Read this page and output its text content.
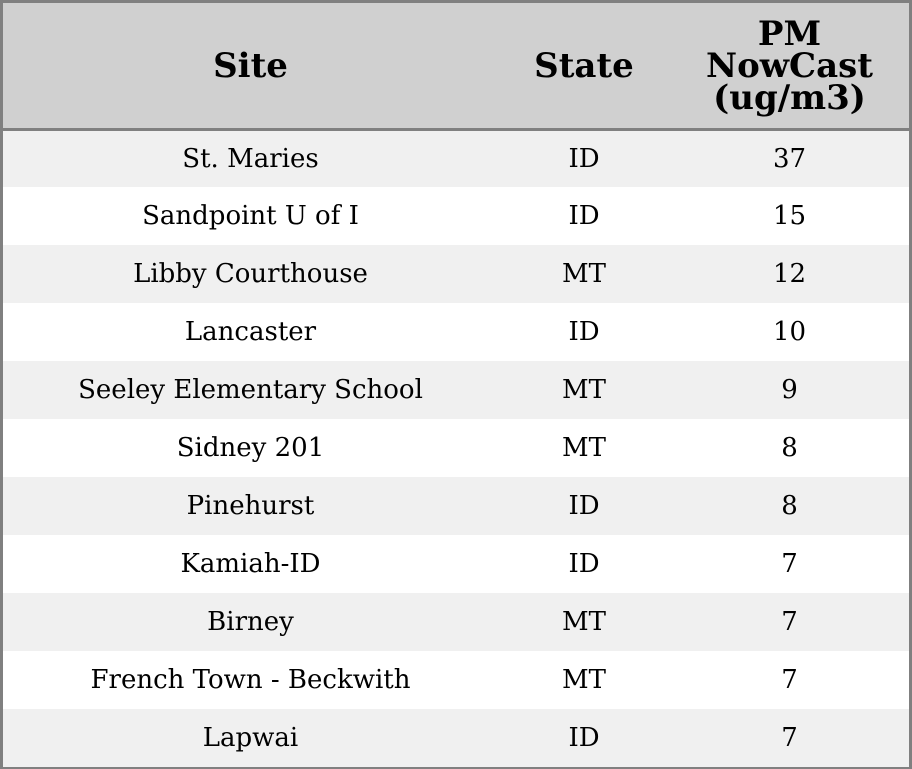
Site	State	PM
NowCast
(ug/m3)

St. Maries	ID	37
Sandpoint U of I	ID	15
Libby Courthouse	MT	12
Lancaster	ID	10
Seeley Elementary School	MT	9
Sidney 201	MT	8
Pinehurst	ID	8
Kamiah-ID	ID	7
Birney	MT	7
French Town - Beckwith	MT	7
Lapwai	ID	7
